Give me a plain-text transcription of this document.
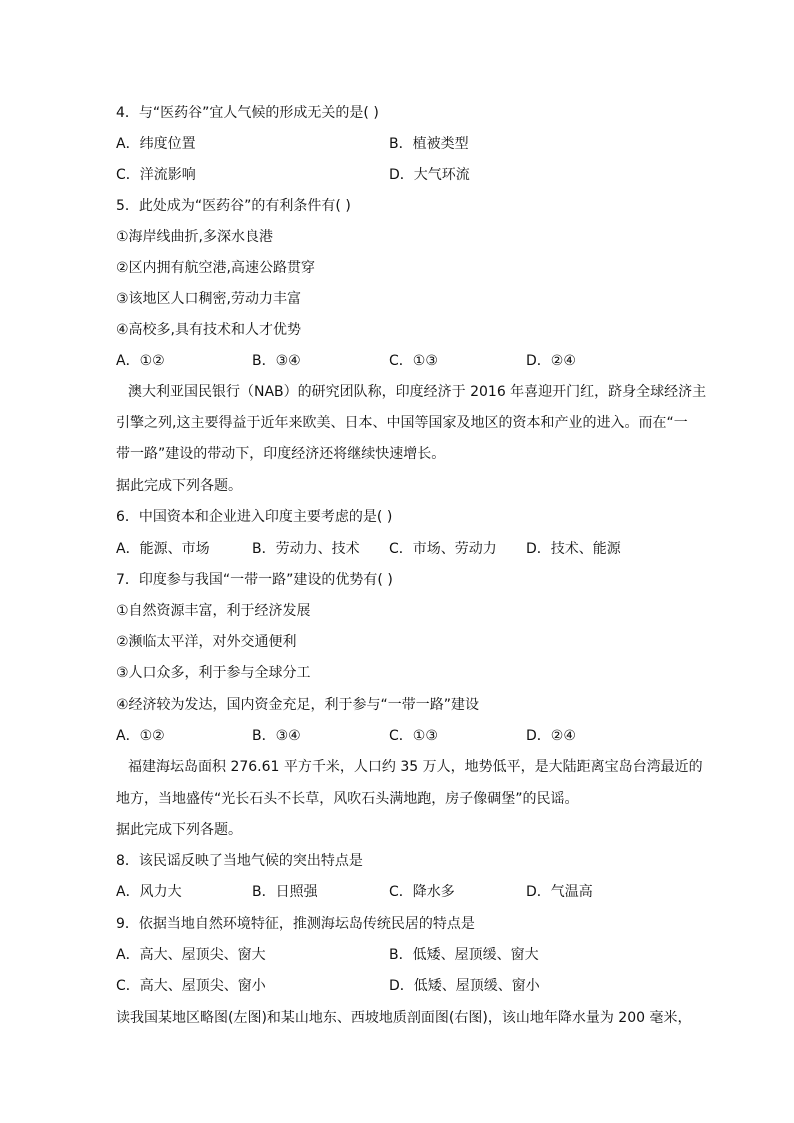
4．与“医药谷”宜人气候的形成无关的是( )
A．纬度位置	B．植被类型
C．洋流影响	D．大气环流
5．此处成为“医药谷”的有利条件有( )
①海岸线曲折,多深水良港
②区内拥有航空港,高速公路贯穿
③该地区人口稠密,劳动力丰富
④高校多,具有技术和人才优势
A．①②	B．③④	C．①③	D．②④
澳大利亚国民银行（NAB）的研究团队称，印度经济于 2016 年喜迎开门红，跻身全球经济主
引擎之列,这主要得益于近年来欧美、日本、中国等国家及地区的资本和产业的进入。而在“一
带一路”建设的带动下，印度经济还将继续快速增长。
据此完成下列各题。
6．中国资本和企业进入印度主要考虑的是( )
A．能源、市场	B．劳动力、技术 C．市场、劳动力 D．技术、能源
7．印度参与我国“一带一路”建设的优势有( )
①自然资源丰富，利于经济发展
②濒临太平洋，对外交通便利
③人口众多，利于参与全球分工
④经济较为发达，国内资金充足，利于参与“一带一路”建设
A．①②	B．③④	C．①③	D．②④
福建海坛岛面积 276.61 平方千米，人口约 35 万人，地势低平，是大陆距离宝岛台湾最近的
地方，当地盛传“光长石头不长草，风吹石头满地跑，房子像碉堡”的民谣。
据此完成下列各题。
8．该民谣反映了当地气候的突出特点是
A．风力大	B．日照强	C．降水多	D．气温高
9．依据当地自然环境特征，推测海坛岛传统民居的特点是
A．高大、屋顶尖、窗大	B．低矮、屋顶缓、窗大
C．高大、屋顶尖、窗小	D．低矮、屋顶缓、窗小
读我国某地区略图(左图)和某山地东、西坡地质剖面图(右图)，该山地年降水量为 200 毫米，
